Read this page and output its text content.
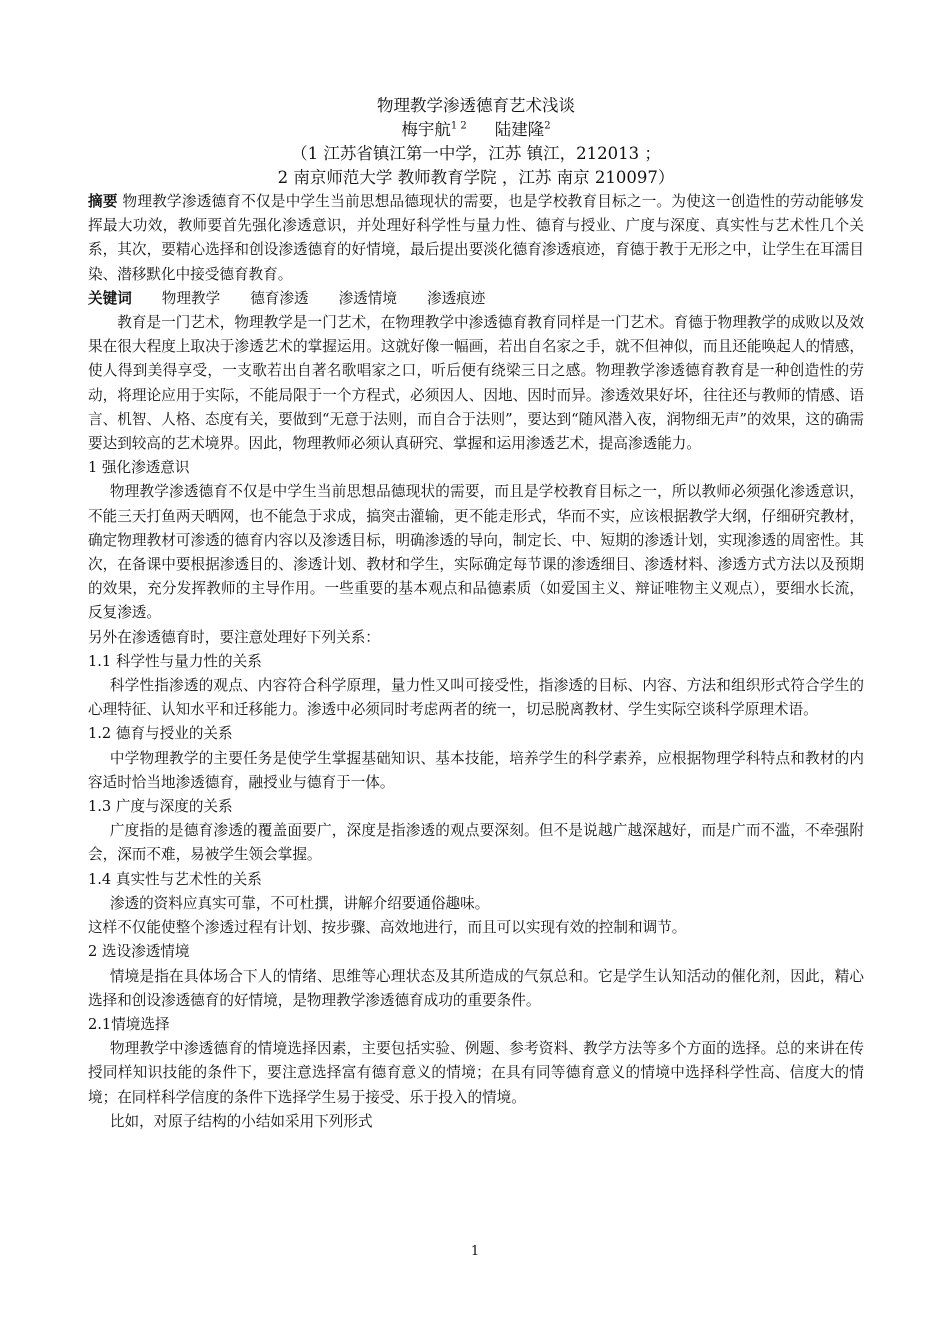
物理教学渗透德育艺术浅谈
梅宇航$^{1 2}$ 陆建隆$^2$
（1 江苏省镇江第一中学，江苏 镇江，212013 ；
2 南京师范大学 教师教育学院 ，江苏 南京 210097）

摘要 物理教学渗透德育不仅是中学生当前思想品德现状的需要，也是学校教育目标之一。为使这一创造性的劳动能够发挥最大功效，教师要首先强化渗透意识，并处理好科学性与量力性、德育与授业、广度与深度、真实性与艺术性几个关系，其次，要精心选择和创设渗透德育的好情境，最后提出要淡化德育渗透痕迹，育德于教于无形之中，让学生在耳濡目染、潜移默化中接受德育教育。

关键词 物理教学 德育渗透 渗透情境 渗透痕迹

教育是一门艺术，物理教学是一门艺术，在物理教学中渗透德育教育同样是一门艺术。育德于物理教学的成败以及效果在很大程度上取决于渗透艺术的掌握运用。这就好像一幅画，若出自名家之手，就不但神似，而且还能唤起人的情感，使人得到美得享受，一支歌若出自著名歌唱家之口，听后便有绕梁三日之感。物理教学渗透德育教育是一种创造性的劳动，将理论应用于实际，不能局限于一个方程式，必须因人、因地、因时而异。渗透效果好坏，往往还与教师的情感、语言、机智、人格、态度有关，要做到“无意于法则，而自合于法则”，要达到“随风潜入夜，润物细无声”的效果，这的确需要达到较高的艺术境界。因此，物理教师必须认真研究、掌握和运用渗透艺术，提高渗透能力。

1 强化渗透意识

物理教学渗透德育不仅是中学生当前思想品德现状的需要，而且是学校教育目标之一，所以教师必须强化渗透意识，不能三天打鱼两天晒网，也不能急于求成，搞突击灌输，更不能走形式，华而不实，应该根据教学大纲，仔细研究教材，确定物理教材可渗透的德育内容以及渗透目标，明确渗透的导向，制定长、中、短期的渗透计划，实现渗透的周密性。其次，在备课中要根据渗透目的、渗透计划、教材和学生，实际确定每节课的渗透细目、渗透材料、渗透方式方法以及预期的效果，充分发挥教师的主导作用。一些重要的基本观点和品德素质（如爱国主义、辩证唯物主义观点），要细水长流，反复渗透。

另外在渗透德育时，要注意处理好下列关系：

1.1 科学性与量力性的关系

科学性指渗透的观点、内容符合科学原理，量力性又叫可接受性，指渗透的目标、内容、方法和组织形式符合学生的心理特征、认知水平和迁移能力。渗透中必须同时考虑两者的统一，切忌脱离教材、学生实际空谈科学原理术语。

1.2 德育与授业的关系

中学物理教学的主要任务是使学生掌握基础知识、基本技能，培养学生的科学素养，应根据物理学科特点和教材的内容适时恰当地渗透德育，融授业与德育于一体。

1.3 广度与深度的关系

广度指的是德育渗透的覆盖面要广，深度是指渗透的观点要深刻。但不是说越广越深越好，而是广而不滥，不牵强附会，深而不难，易被学生领会掌握。

1.4 真实性与艺术性的关系

渗透的资料应真实可靠，不可杜撰，讲解介绍要通俗趣味。

这样不仅能使整个渗透过程有计划、按步骤、高效地进行，而且可以实现有效的控制和调节。

2 选设渗透情境

情境是指在具体场合下人的情绪、思维等心理状态及其所造成的气氛总和。它是学生认知活动的催化剂，因此，精心选择和创设渗透德育的好情境，是物理教学渗透德育成功的重要条件。

2.1情境选择

物理教学中渗透德育的情境选择因素，主要包括实验、例题、参考资料、教学方法等多个方面的选择。总的来讲在传授同样知识技能的条件下，要注意选择富有德育意义的情境；在具有同等德育意义的情境中选择科学性高、信度大的情境；在同样科学信度的条件下选择学生易于接受、乐于投入的情境。

比如，对原子结构的小结如采用下列形式

1
